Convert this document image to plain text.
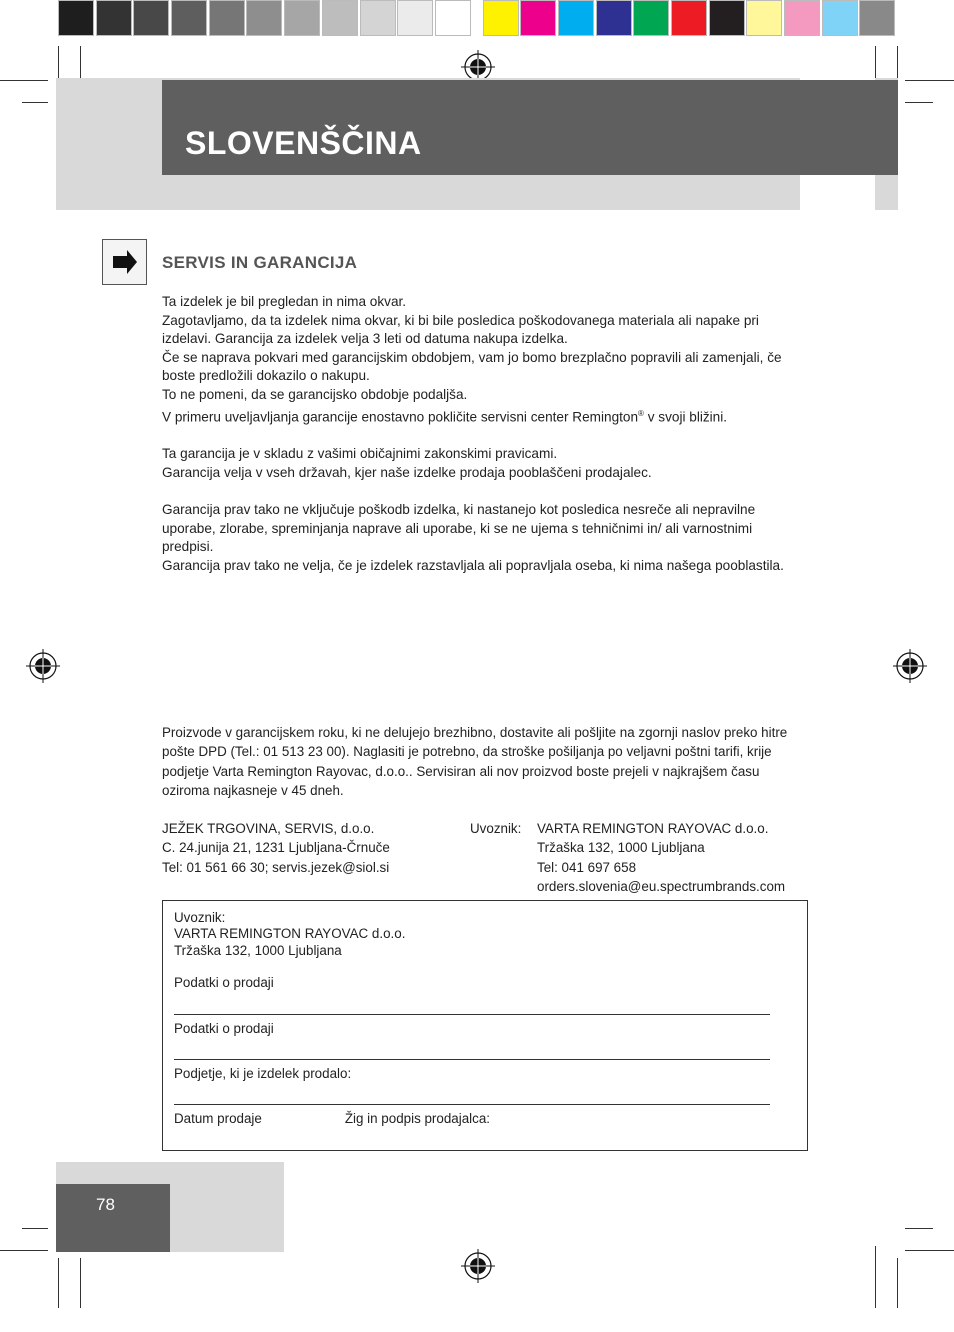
SLOVENŠČINA
SERVIS IN GARANCIJA

Ta izdelek je bil pregledan in nima okvar.

Zagotavljamo, da ta izdelek nima okvar, ki bi bile posledica poškodovanega materiala ali napake pri izdelavi. Garancija za izdelek velja 3 leti od datuma nakupa izdelka.

Če se naprava pokvari med garancijskim obdobjem, vam jo bomo brezplačno popravili ali zamenjali, če boste predložili dokazilo o nakupu.

To ne pomeni, da se garancijsko obdobje podaljša.

V primeru uveljavljanja garancije enostavno pokličite servisni center Remington® v svoji bližini.

Ta garancija je v skladu z vašimi običajnimi zakonskimi pravicami.

Garancija velja v vseh državah, kjer naše izdelke prodaja pooblaščeni prodajalec.

Garancija prav tako ne vključuje poškodb izdelka, ki nastanejo kot posledica nesreče ali nepravilne uporabe, zlorabe, spreminjanja naprave ali uporabe, ki se ne ujema s tehničnimi in/ ali varnostnimi predpisi.

Garancija prav tako ne velja, če je izdelek razstavljala ali popravljala oseba, ki nima našega pooblastila.

Proizvode v garancijskem roku, ki ne delujejo brezhibno, dostavite ali pošljite na zgornji naslov preko hitre pošte DPD (Tel.: 01 513 23 00). Naglasiti je potrebno, da stroške pošiljanja po veljavni poštni tarifi, krije podjetje Varta Remington Rayovac, d.o.o.. Servisiran ali nov proizvod boste prejeli v najkrajšem času oziroma najkasneje v 45 dneh.

JEŽEK TRGOVINA, SERVIS, d.o.o.

C. 24.junija 21, 1231 Ljubljana-Črnuče

Tel: 01 561 66 30; servis.jezek@siol.si

Uvoznik: VARTA REMINGTON RAYOVAC d.o.o.

Tržaška 132, 1000 Ljubljana

Tel: 041 697 658

orders.slovenia@eu.spectrumbrands.com

Uvoznik:

VARTA REMINGTON RAYOVAC d.o.o.

Tržaška 132, 1000 Ljubljana

Podatki o prodaji

Podatki o prodaji

Podjetje, ki je izdelek prodalo:

Datum prodaje	Žig in podpis prodajalca:

78
